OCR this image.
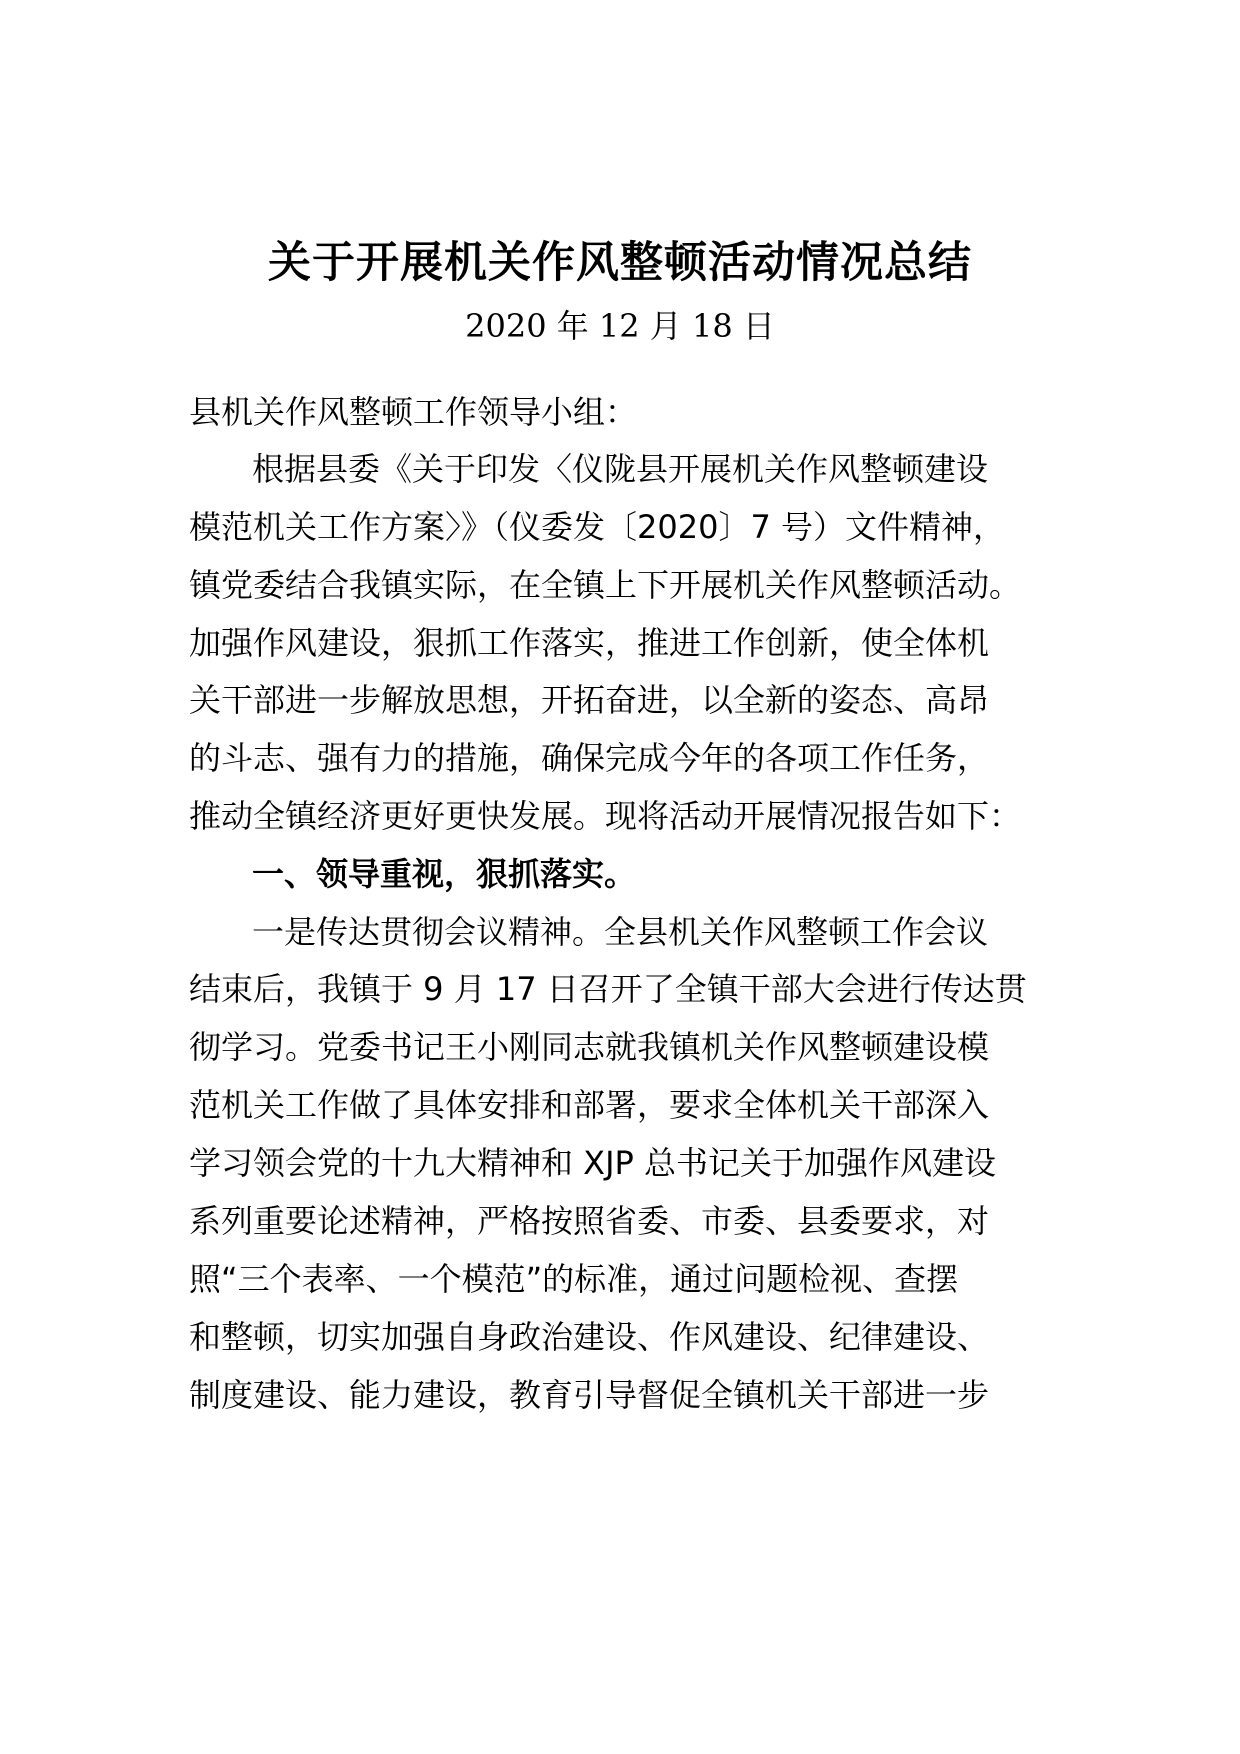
关于开展机关作风整顿活动情况总结
2020 年 12 月 18 日
县机关作风整顿工作领导小组：
根据县委《关于印发〈仪陇县开展机关作风整顿建设
模范机关工作方案〉》（仪委发〔2020〕7 号）文件精神，
镇党委结合我镇实际，在全镇上下开展机关作风整顿活动。
加强作风建设，狠抓工作落实，推进工作创新，使全体机
关干部进一步解放思想，开拓奋进，以全新的姿态、高昂
的斗志、强有力的措施，确保完成今年的各项工作任务，
推动全镇经济更好更快发展。现将活动开展情况报告如下：
一、领导重视，狠抓落实。
一是传达贯彻会议精神。全县机关作风整顿工作会议
结束后，我镇于 9 月 17 日召开了全镇干部大会进行传达贯
彻学习。党委书记王小刚同志就我镇机关作风整顿建设模
范机关工作做了具体安排和部署，要求全体机关干部深入
学习领会党的十九大精神和 XJP 总书记关于加强作风建设
系列重要论述精神，严格按照省委、市委、县委要求，对
照“三个表率、一个模范”的标准，通过问题检视、查摆
和整顿，切实加强自身政治建设、作风建设、纪律建设、
制度建设、能力建设，教育引导督促全镇机关干部进一步
